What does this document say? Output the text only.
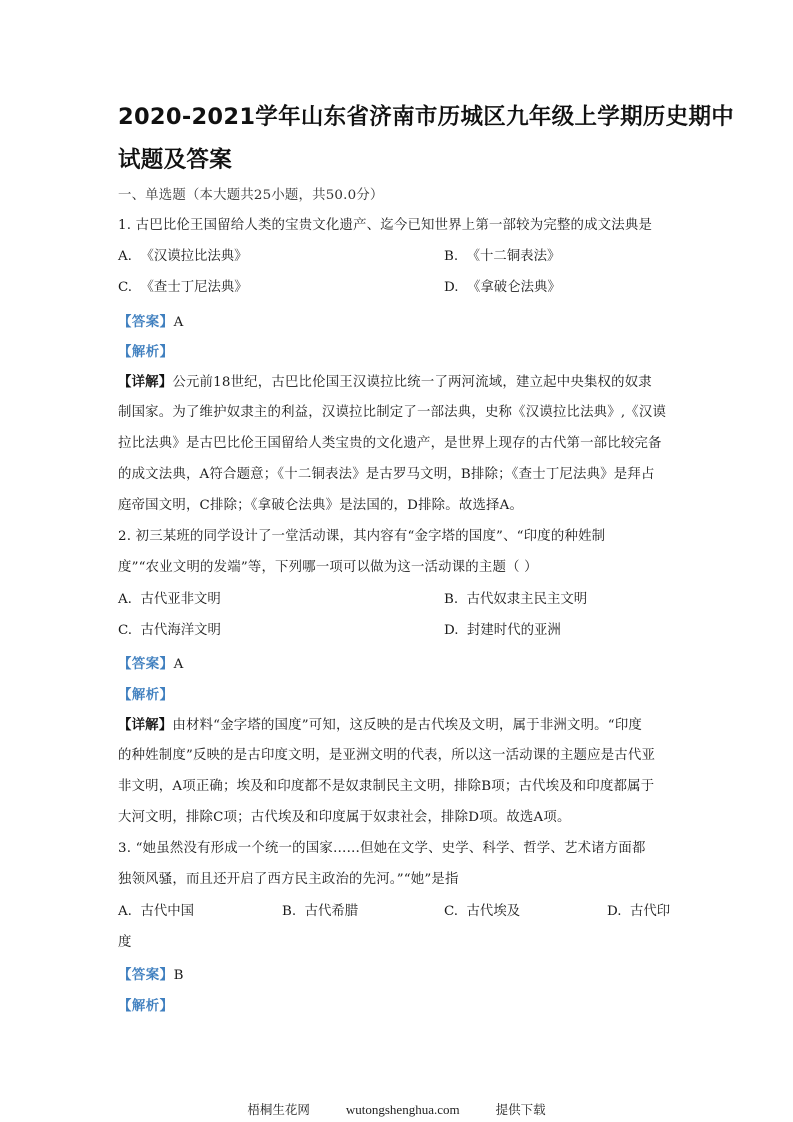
2020-2021学年山东省济南市历城区九年级上学期历史期中
试题及答案
一、单选题（本大题共25小题，共50.0分）
1. 古巴比伦王国留给人类的宝贵文化遗产、迄今已知世界上第一部较为完整的成文法典是
A. 《汉谟拉比法典》	B. 《十二铜表法》
C. 《查士丁尼法典》	D. 《拿破仑法典》
【答案】A
【解析】
【详解】公元前18世纪，古巴比伦国王汉谟拉比统一了两河流域，建立起中央集权的奴隶
制国家。为了维护奴隶主的利益，汉谟拉比制定了一部法典，史称《汉谟拉比法典》,《汉谟
拉比法典》是古巴比伦王国留给人类宝贵的文化遗产，是世界上现存的古代第一部比较完备
的成文法典，A符合题意；《十二铜表法》是古罗马文明，B排除；《查士丁尼法典》是拜占
庭帝国文明，C排除；《拿破仑法典》是法国的，D排除。故选择A。
2. 初三某班的同学设计了一堂活动课，其内容有“金字塔的国度”、“印度的种姓制
度”“农业文明的发端”等，下列哪一项可以做为这一活动课的主题（ ）
A. 古代亚非文明	B. 古代奴隶主民主文明
C. 古代海洋文明	D. 封建时代的亚洲
【答案】A
【解析】
【详解】由材料“金字塔的国度”可知，这反映的是古代埃及文明，属于非洲文明。“印度
的种姓制度”反映的是古印度文明，是亚洲文明的代表，所以这一活动课的主题应是古代亚
非文明，A项正确；埃及和印度都不是奴隶制民主文明，排除B项；古代埃及和印度都属于
大河文明，排除C项；古代埃及和印度属于奴隶社会，排除D项。故选A项。
3. “她虽然没有形成一个统一的国家……但她在文学、史学、科学、哲学、艺术诸方面都
独领风骚，而且还开启了西方民主政治的先河。”“她”是指
A. 古代中国	B. 古代希腊	C. 古代埃及	D. 古代印
度
【答案】B
【解析】
梧桐生花网	wutongshenghua.com	提供下载
